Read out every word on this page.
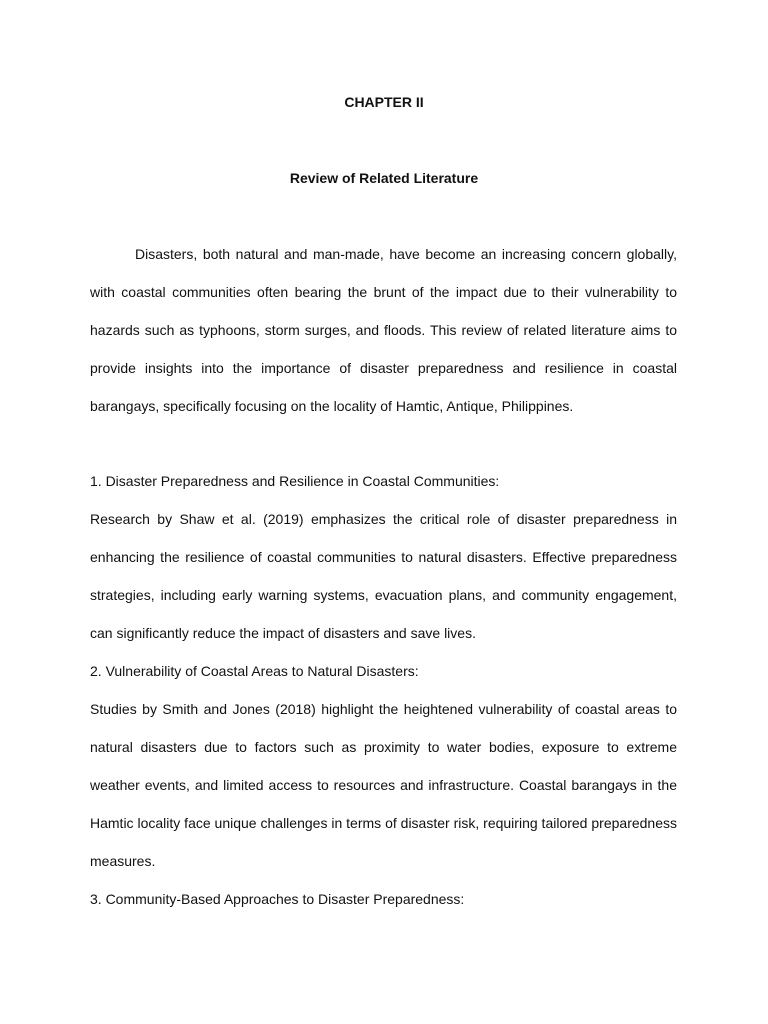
CHAPTER II
Review of Related Literature

Disasters, both natural and man-made, have become an increasing concern globally, with coastal communities often bearing the brunt of the impact due to their vulnerability to hazards such as typhoons, storm surges, and floods. This review of related literature aims to provide insights into the importance of disaster preparedness and resilience in coastal barangays, specifically focusing on the locality of Hamtic, Antique, Philippines.

1. Disaster Preparedness and Resilience in Coastal Communities:

Research by Shaw et al. (2019) emphasizes the critical role of disaster preparedness in enhancing the resilience of coastal communities to natural disasters. Effective preparedness strategies, including early warning systems, evacuation plans, and community engagement, can significantly reduce the impact of disasters and save lives.

2. Vulnerability of Coastal Areas to Natural Disasters:

Studies by Smith and Jones (2018) highlight the heightened vulnerability of coastal areas to natural disasters due to factors such as proximity to water bodies, exposure to extreme weather events, and limited access to resources and infrastructure. Coastal barangays in the Hamtic locality face unique challenges in terms of disaster risk, requiring tailored preparedness measures.

3. Community-Based Approaches to Disaster Preparedness:
